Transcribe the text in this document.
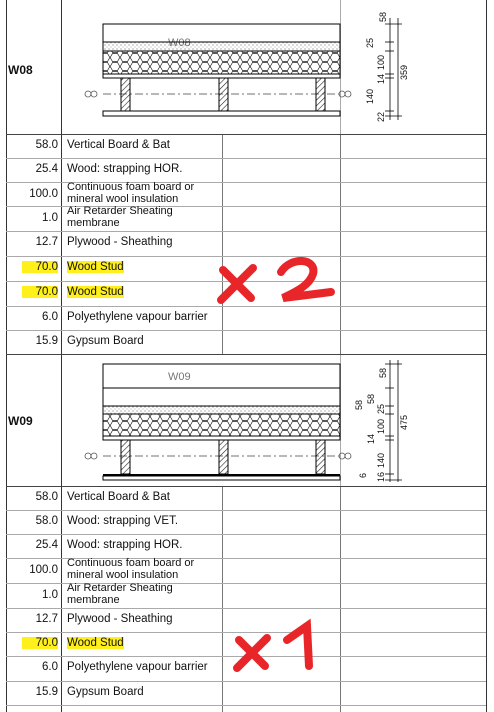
W08
58
25
100
14
140
22
359
58.0 Vertical Board & Bat
25.4 Wood: strapping HOR.
100.0
Continuous foam board or mineral wool insulation
1.0
Air Retarder Sheating membrane
12.7 Plywood - Sheathing
70.0 Wood Stud
70.0 Wood Stud
6.0 Polyethylene vapour barrier
15.9 Gypsum Board
W09
W09	58
58
25
100
14
140
16
6
475
58
58.0 Vertical Board & Bat
58.0 Wood: strapping VET.
25.4 Wood: strapping HOR.
100.0
Continuous foam board or mineral wool insulation
1.0
Air Retarder Sheating membrane
12.7 Plywood - Sheathing
70.0 Wood Stud
6.0 Polyethylene vapour barrier
15.9 Gypsum Board
